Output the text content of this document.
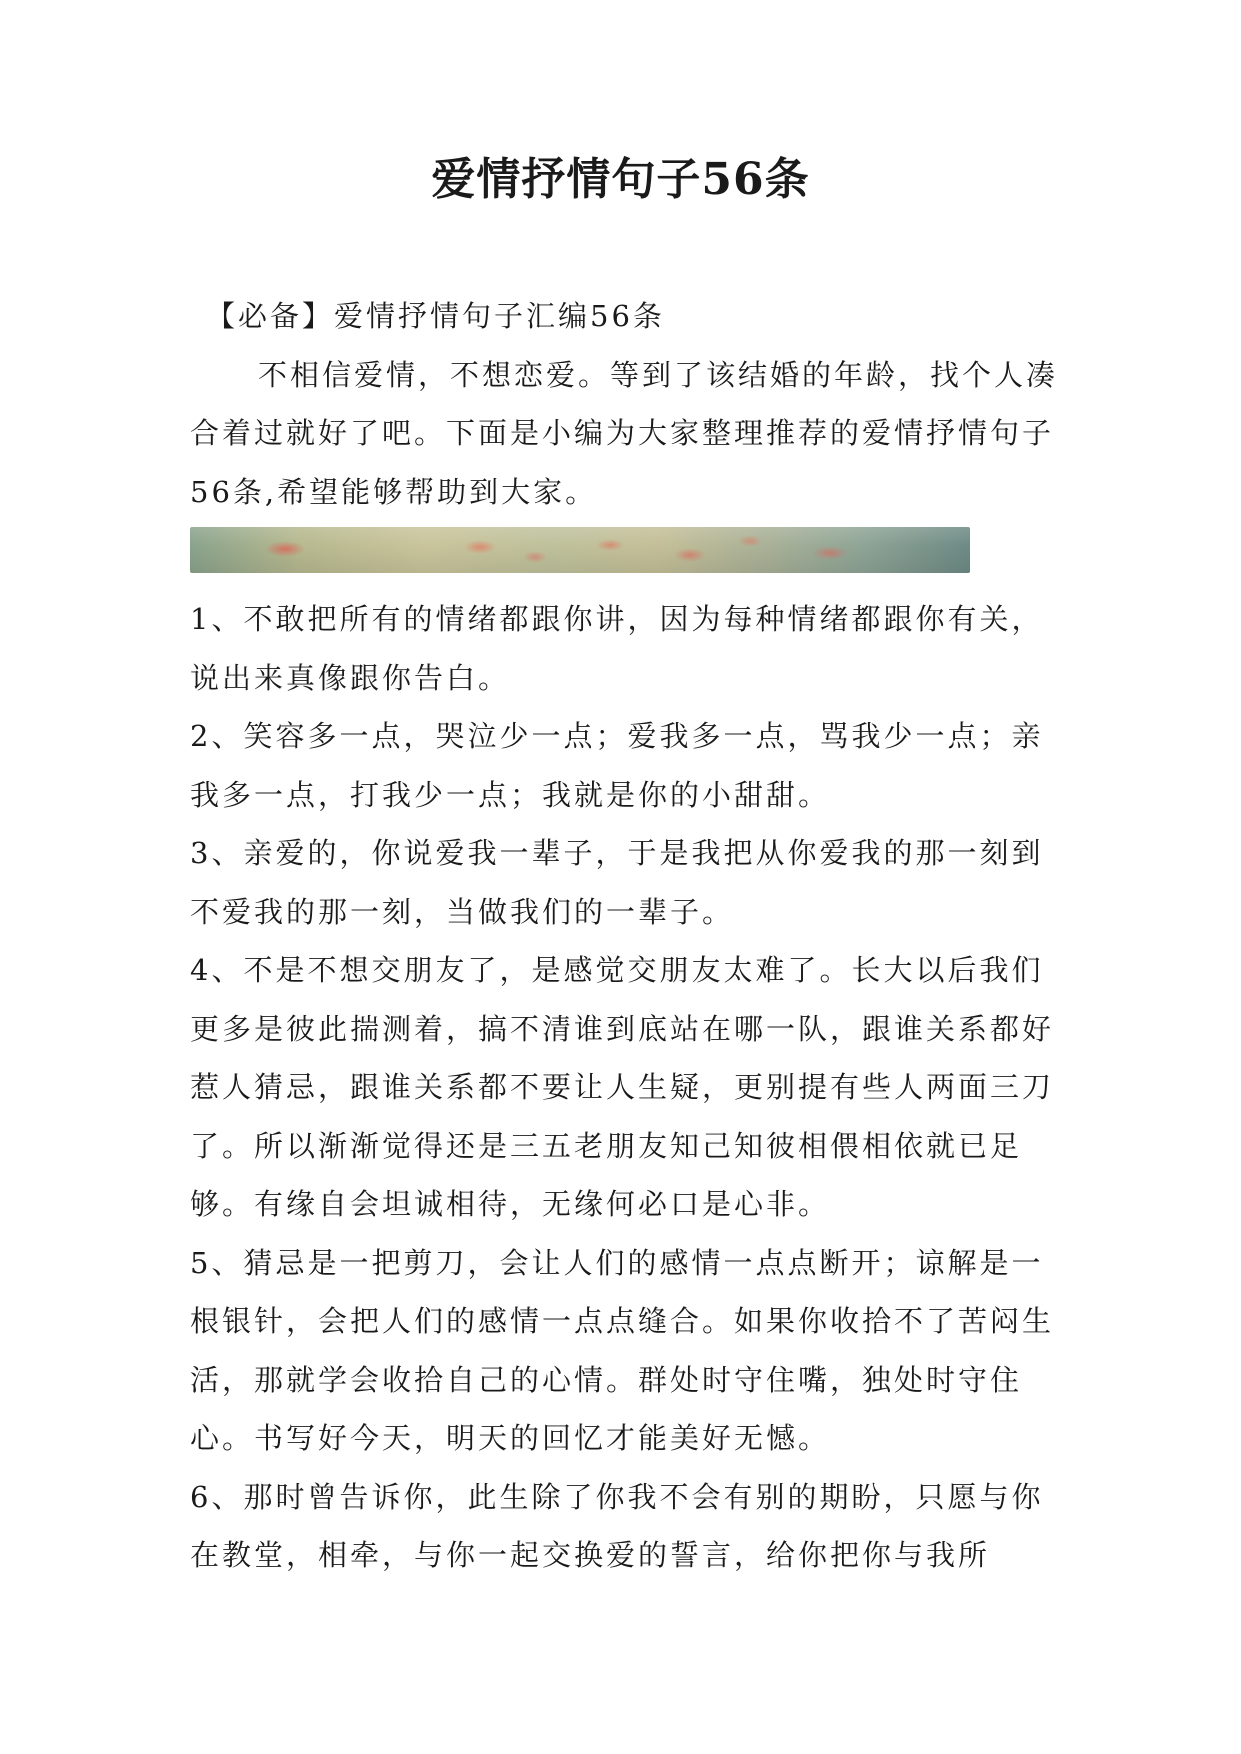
爱情抒情句子56条

【必备】爱情抒情句子汇编56条

不相信爱情，不想恋爱。等到了该结婚的年龄，找个人凑合着过就好了吧。下面是小编为大家整理推荐的爱情抒情句子56条,希望能够帮助到大家。

1、不敢把所有的情绪都跟你讲，因为每种情绪都跟你有关，说出来真像跟你告白。

2、笑容多一点，哭泣少一点；爱我多一点，骂我少一点；亲我多一点，打我少一点；我就是你的小甜甜。

3、亲爱的，你说爱我一辈子，于是我把从你爱我的那一刻到不爱我的那一刻，当做我们的一辈子。

4、不是不想交朋友了，是感觉交朋友太难了。长大以后我们更多是彼此揣测着，搞不清谁到底站在哪一队，跟谁关系都好惹人猜忌，跟谁关系都不要让人生疑，更别提有些人两面三刀了。所以渐渐觉得还是三五老朋友知己知彼相偎相依就已足够。有缘自会坦诚相待，无缘何必口是心非。

5、猜忌是一把剪刀，会让人们的感情一点点断开；谅解是一根银针，会把人们的感情一点点缝合。如果你收拾不了苦闷生活，那就学会收拾自己的心情。群处时守住嘴，独处时守住心。书写好今天，明天的回忆才能美好无憾。

6、那时曾告诉你，此生除了你我不会有别的期盼，只愿与你在教堂，相牵，与你一起交换爱的誓言，给你把你与我所
